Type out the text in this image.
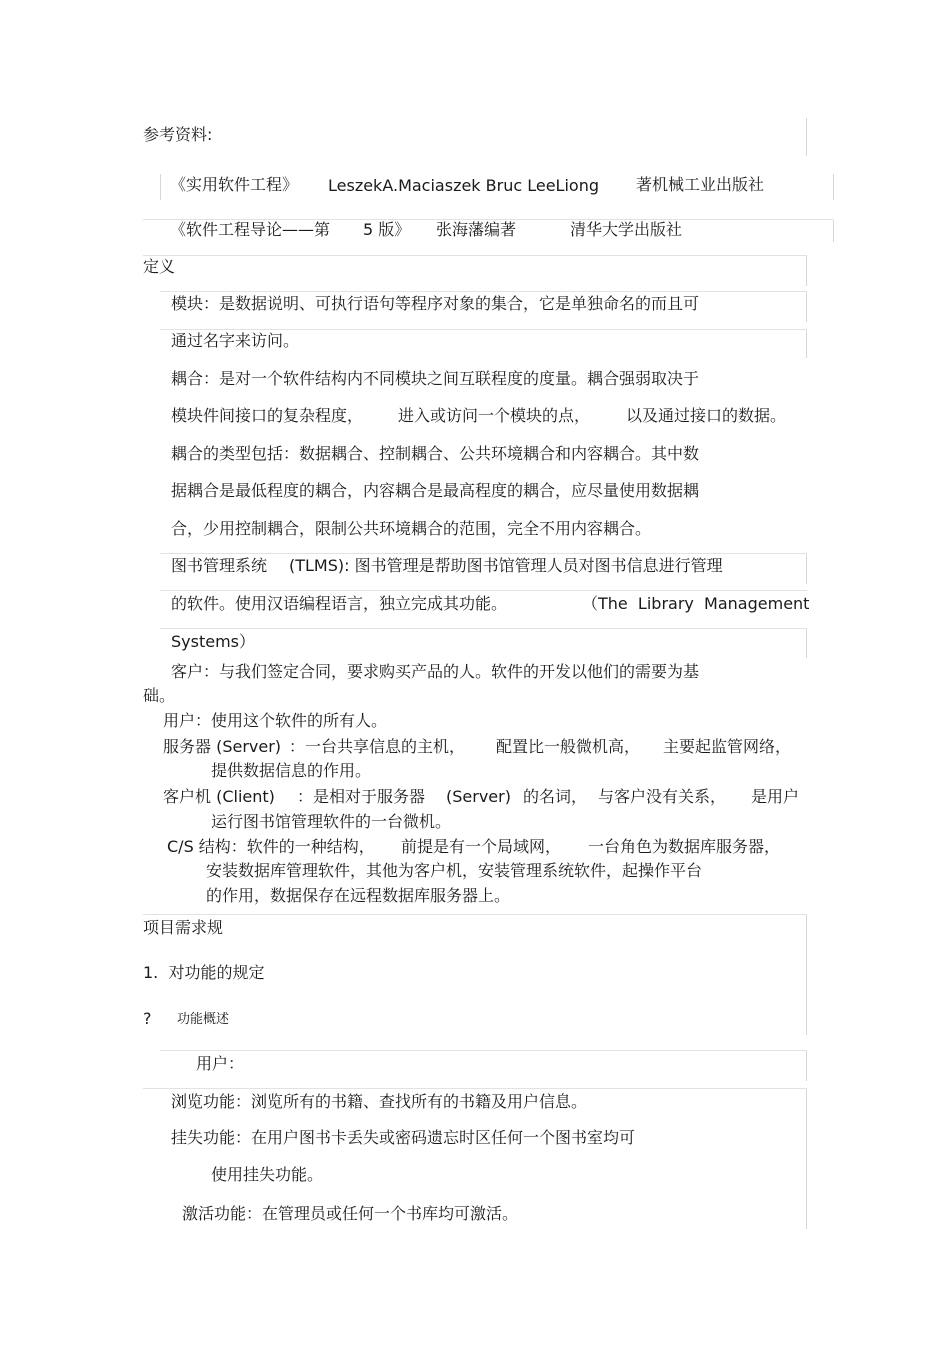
参考资料:
《实用软件工程》 LeszekA.Maciaszek Bruc LeeLiong 著机械工业出版社
《软件工程导论——第 5 版》 张海藩编著	清华大学出版社
定义
模块：是数据说明、可执行语句等程序对象的集合，它是单独命名的而且可
通过名字来访问。
耦合：是对一个软件结构内不同模块之间互联程度的度量。耦合强弱取决于
模块件间接口的复杂程度， 进入或访问一个模块的点， 以及通过接口的数据。
耦合的类型包括：数据耦合、控制耦合、公共环境耦合和内容耦合。其中数
据耦合是最低程度的耦合，内容耦合是最高程度的耦合，应尽量使用数据耦
合，少用控制耦合，限制公共环境耦合的范围，完全不用内容耦合。
图书管理系统 (TLMS): 图书管理是帮助图书馆管理人员对图书信息进行管理
的软件。使用汉语编程语言，独立完成其功能。	（The  Library  Management
Systems）
客户：与我们签定合同，要求购买产品的人。软件的开发以他们的需要为基
础。
用户：使用这个软件的所有人。
服务器 (Server) ：一台共享信息的主机， 配置比一般微机高， 主要起监管网络，
提供数据信息的作用。
客户机 (Client) ：是相对于服务器 (Server) 的名词， 与客户没有关系， 是用户
运行图书馆管理软件的一台微机。
C/S 结构：软件的一种结构， 前提是有一个局域网， 一台角色为数据库服务器，
安装数据库管理软件，其他为客户机，安装管理系统软件，起操作平台
的作用，数据保存在远程数据库服务器上。
项目需求规
1.  对功能的规定
? 功能概述
用户：
浏览功能：浏览所有的书籍、查找所有的书籍及用户信息。
挂失功能：在用户图书卡丢失或密码遗忘时区任何一个图书室均可
使用挂失功能。
激活功能：在管理员或任何一个书库均可激活。
